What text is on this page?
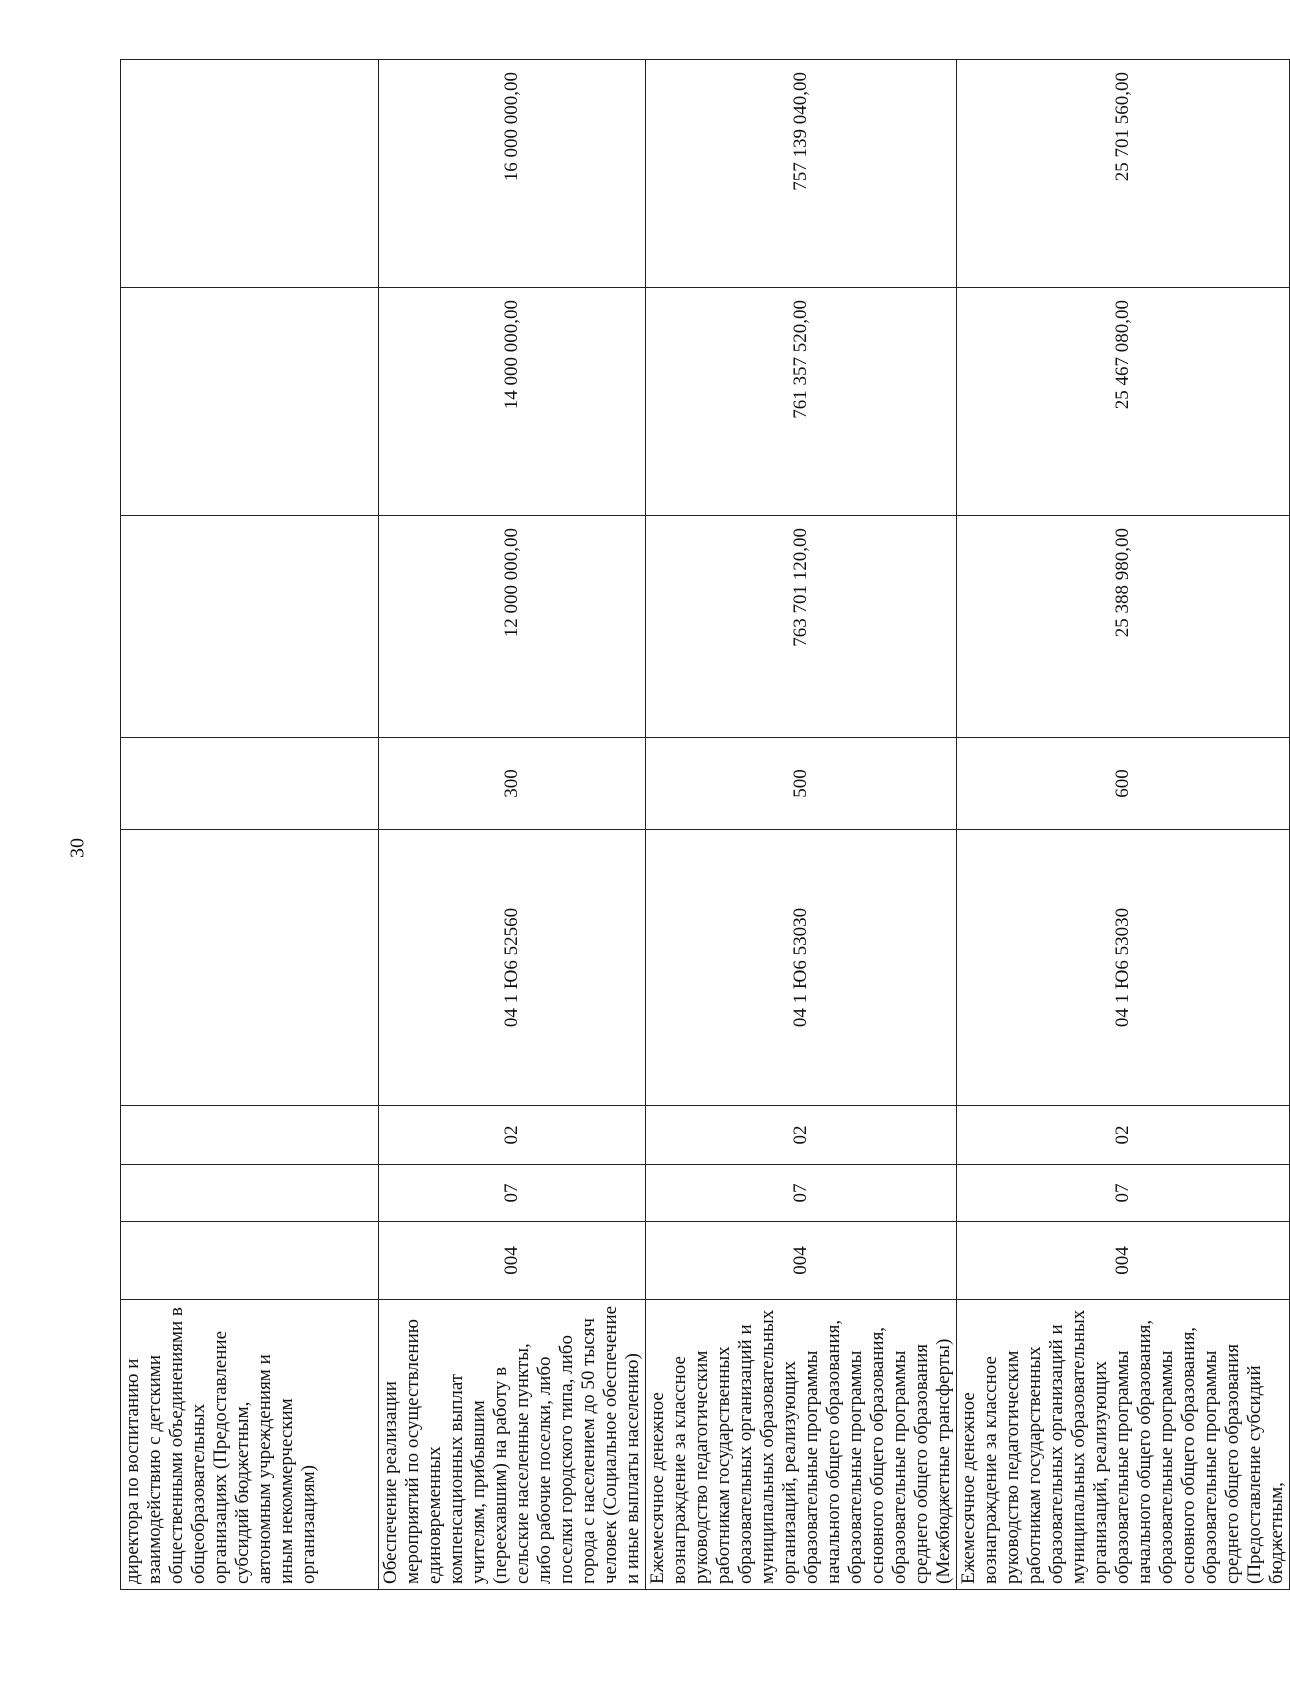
30
директора по воспитанию и взаимодействию с детскими общественными объединениями в общеобразовательных организациях (Предоставление субсидий бюджетным, автономным учреждениям и иным некоммерческим организациям)								
Обеспечение реализации мероприятий по осуществлению единовременных компенсационных выплат учителям, прибывшим (переехавшим) на работу в сельские населенные пункты, либо рабочие поселки, либо поселки городского типа, либо города с населением до 50 тысяч человек (Социальное обеспечение и иные выплаты населению)	004	07	02	04 1 Ю6 52560	300	12 000 000,00	14 000 000,00	16 000 000,00
Ежемесячное денежное вознаграждение за классное руководство педагогическим работникам государственных образовательных организаций и муниципальных образовательных организаций, реализующих образовательные программы начального общего образования, образовательные программы основного общего образования, образовательные программы среднего общего образования (Межбюджетные трансферты)	004	07	02	04 1 Ю6 53030	500	763 701 120,00	761 357 520,00	757 139 040,00
Ежемесячное денежное вознаграждение за классное руководство педагогическим работникам государственных образовательных организаций и муниципальных образовательных организаций, реализующих образовательные программы начального общего образования, образовательные программы основного общего образования, образовательные программы среднего общего образования (Предоставление субсидий бюджетным,	004	07	02	04 1 Ю6 53030	600	25 388 980,00	25 467 080,00	25 701 560,00
